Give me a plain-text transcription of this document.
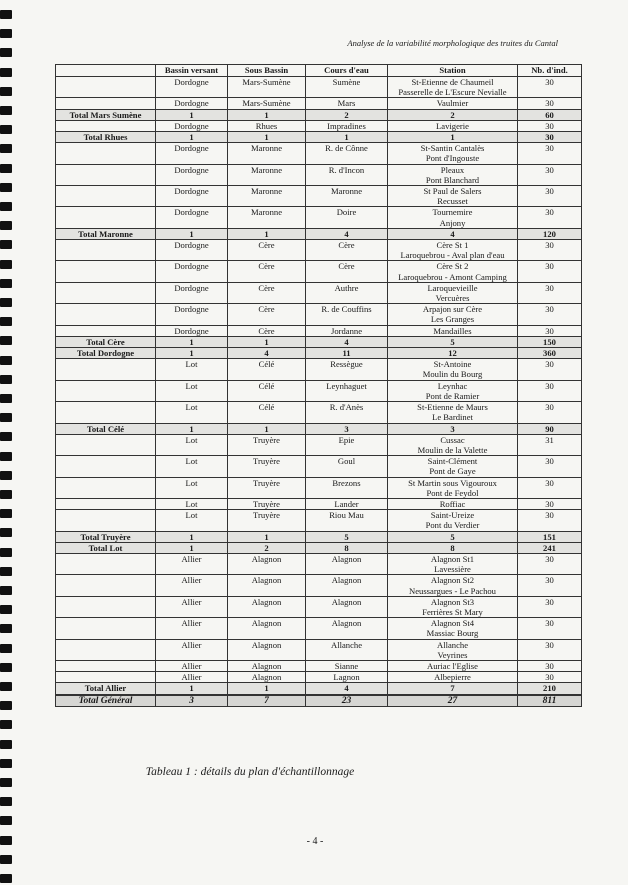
Analyse de la variabilité morphologique des truites du Cantal
	Bassin versant	Sous Bassin	Cours d'eau	Station	Nb. d'ind.
	Dordogne	Mars-Sumène	Sumène	St-Etienne de Chaumeil
Passerelle de L'Escure Nevialle	30
	Dordogne	Mars-Sumène	Mars	Vaulmier	30
Total Mars Sumène	1	1	2	2	60
	Dordogne	Rhues	Impradines	Lavigerie	30
Total Rhues	1	1	1	1	30
	Dordogne	Maronne	R. de Cônne	St-Santin Cantalès
Pont d'Ingouste	30
	Dordogne	Maronne	R. d'Incon	Pleaux
Pont Blanchard	30
	Dordogne	Maronne	Maronne	St Paul de Salers
Recusset	30
	Dordogne	Maronne	Doire	Tournemire
Anjony	30
Total Maronne	1	1	4	4	120
	Dordogne	Cère	Cère	Cère St 1
Laroquebrou - Aval plan d'eau	30
	Dordogne	Cère	Cère	Cère St 2
Laroquebrou - Amont Camping	30
	Dordogne	Cère	Authre	Laroquevieille
Vercuères	30
	Dordogne	Cère	R. de Couffins	Arpajon sur Cère
Les Granges	30
	Dordogne	Cère	Jordanne	Mandailles	30
Total Cère	1	1	4	5	150
Total Dordogne	1	4	11	12	360
	Lot	Célé	Ressègue	St-Antoine
Moulin du Bourg	30
	Lot	Célé	Leynhaguet	Leynhac
Pont de Ramier	30
	Lot	Célé	R. d'Anès	St-Etienne de Maurs
Le Bardinet	30
Total Célé	1	1	3	3	90
	Lot	Truyère	Epie	Cussac
Moulin de la Valette	31
	Lot	Truyère	Goul	Saint-Clément
Pont de Gaye	30
	Lot	Truyère	Brezons	St Martin sous Vigouroux
Pont de Feydol	30
	Lot	Truyère	Lander	Roffiac	30
	Lot	Truyère	Riou Mau	Saint-Ureize
Pont du Verdier	30
Total Truyère	1	1	5	5	151
Total Lot	1	2	8	8	241
	Allier	Alagnon	Alagnon	Alagnon St1
Lavessière	30
	Allier	Alagnon	Alagnon	Alagnon St2
Neussargues - Le Pachou	30
	Allier	Alagnon	Alagnon	Alagnon St3
Ferrières St Mary	30
	Allier	Alagnon	Alagnon	Alagnon St4
Massiac Bourg	30
	Allier	Alagnon	Allanche	Allanche
Veyrines	30
	Allier	Alagnon	Sianne	Auriac l'Eglise	30
	Allier	Alagnon	Lagnon	Albepierre	30
Total Allier	1	1	4	7	210
Total Général	3	7	23	27	811
Tableau 1 : détails du plan d'échantillonnage
- 4 -
